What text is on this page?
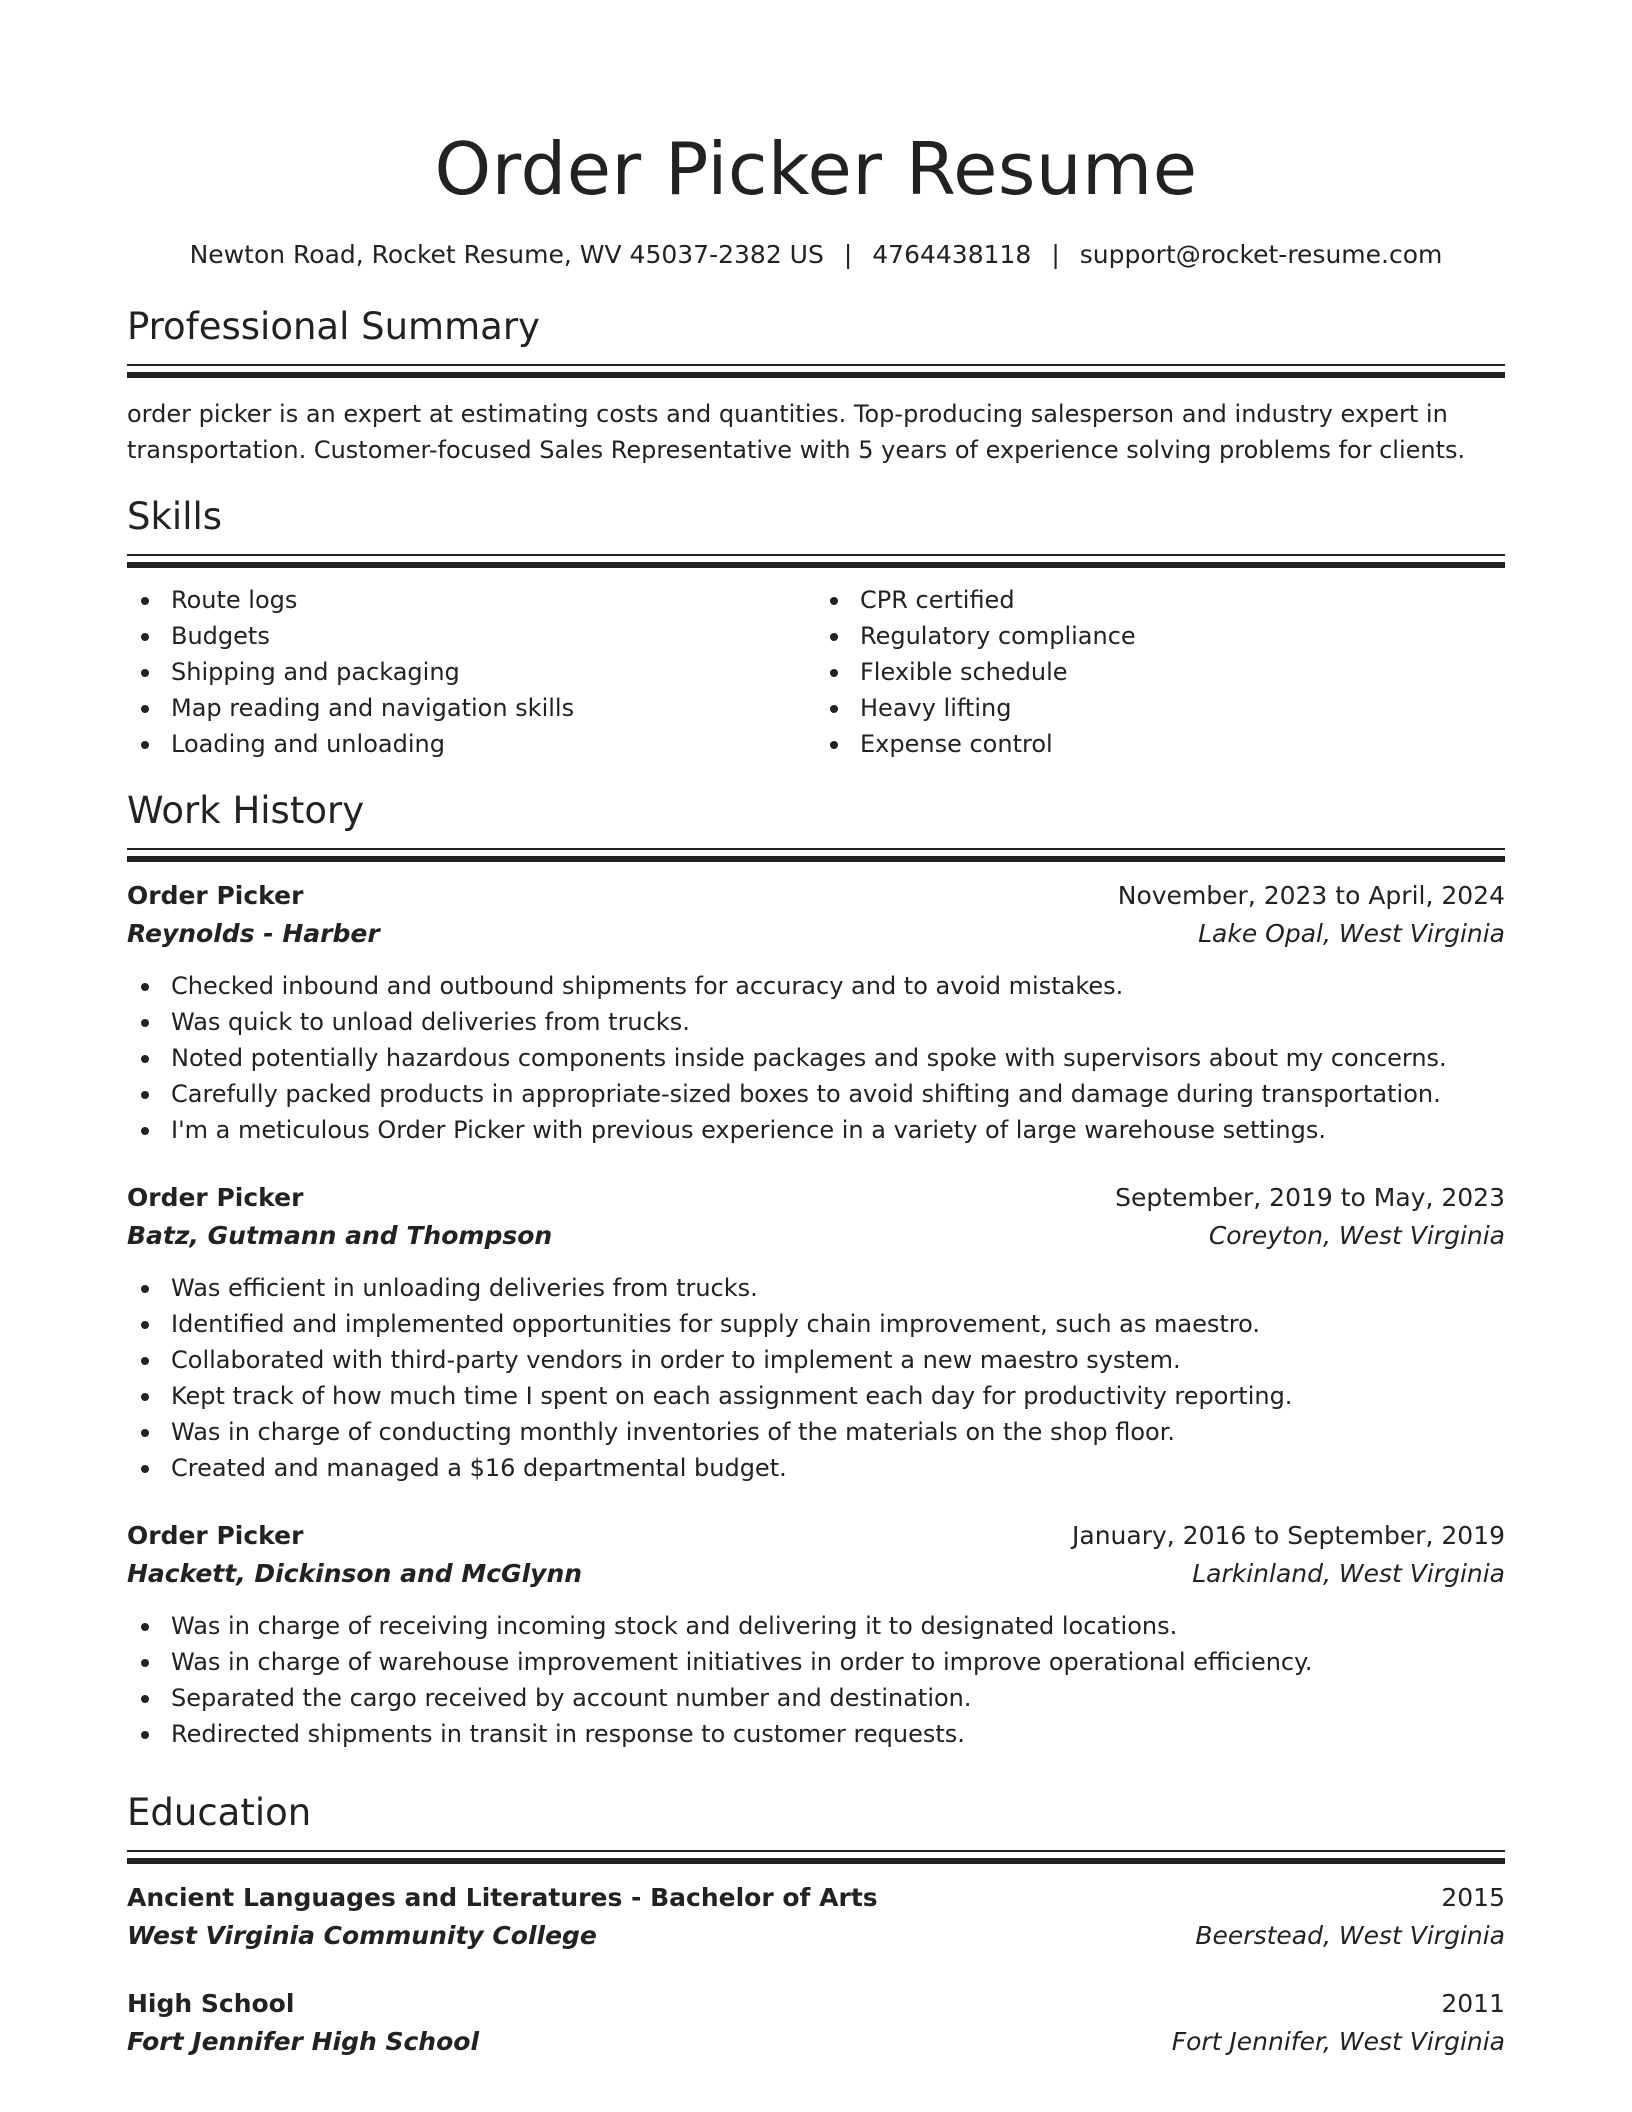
Order Picker Resume
Newton Road, Rocket Resume, WV 45037-2382 US | 4764438118 | support@rocket-resume.com
Professional Summary
order picker is an expert at estimating costs and quantities. Top-producing salesperson and industry expert in transportation. Customer-focused Sales Representative with 5 years of experience solving problems for clients.
Skills
Route logs
Budgets
Shipping and packaging
Map reading and navigation skills
Loading and unloading
CPR certified
Regulatory compliance
Flexible schedule
Heavy lifting
Expense control
Work History
Order Picker	November, 2023 to April, 2024
Reynolds - Harber	Lake Opal, West Virginia
Checked inbound and outbound shipments for accuracy and to avoid mistakes.
Was quick to unload deliveries from trucks.
Noted potentially hazardous components inside packages and spoke with supervisors about my concerns.
Carefully packed products in appropriate-sized boxes to avoid shifting and damage during transportation.
I'm a meticulous Order Picker with previous experience in a variety of large warehouse settings.
Order Picker	September, 2019 to May, 2023
Batz, Gutmann and Thompson	Coreyton, West Virginia
Was efficient in unloading deliveries from trucks.
Identified and implemented opportunities for supply chain improvement, such as maestro.
Collaborated with third-party vendors in order to implement a new maestro system.
Kept track of how much time I spent on each assignment each day for productivity reporting.
Was in charge of conducting monthly inventories of the materials on the shop floor.
Created and managed a $16 departmental budget.
Order Picker	January, 2016 to September, 2019
Hackett, Dickinson and McGlynn	Larkinland, West Virginia
Was in charge of receiving incoming stock and delivering it to designated locations.
Was in charge of warehouse improvement initiatives in order to improve operational efficiency.
Separated the cargo received by account number and destination.
Redirected shipments in transit in response to customer requests.
Education
Ancient Languages and Literatures - Bachelor of Arts	2015
West Virginia Community College	Beerstead, West Virginia
High School	2011
Fort Jennifer High School	Fort Jennifer, West Virginia
